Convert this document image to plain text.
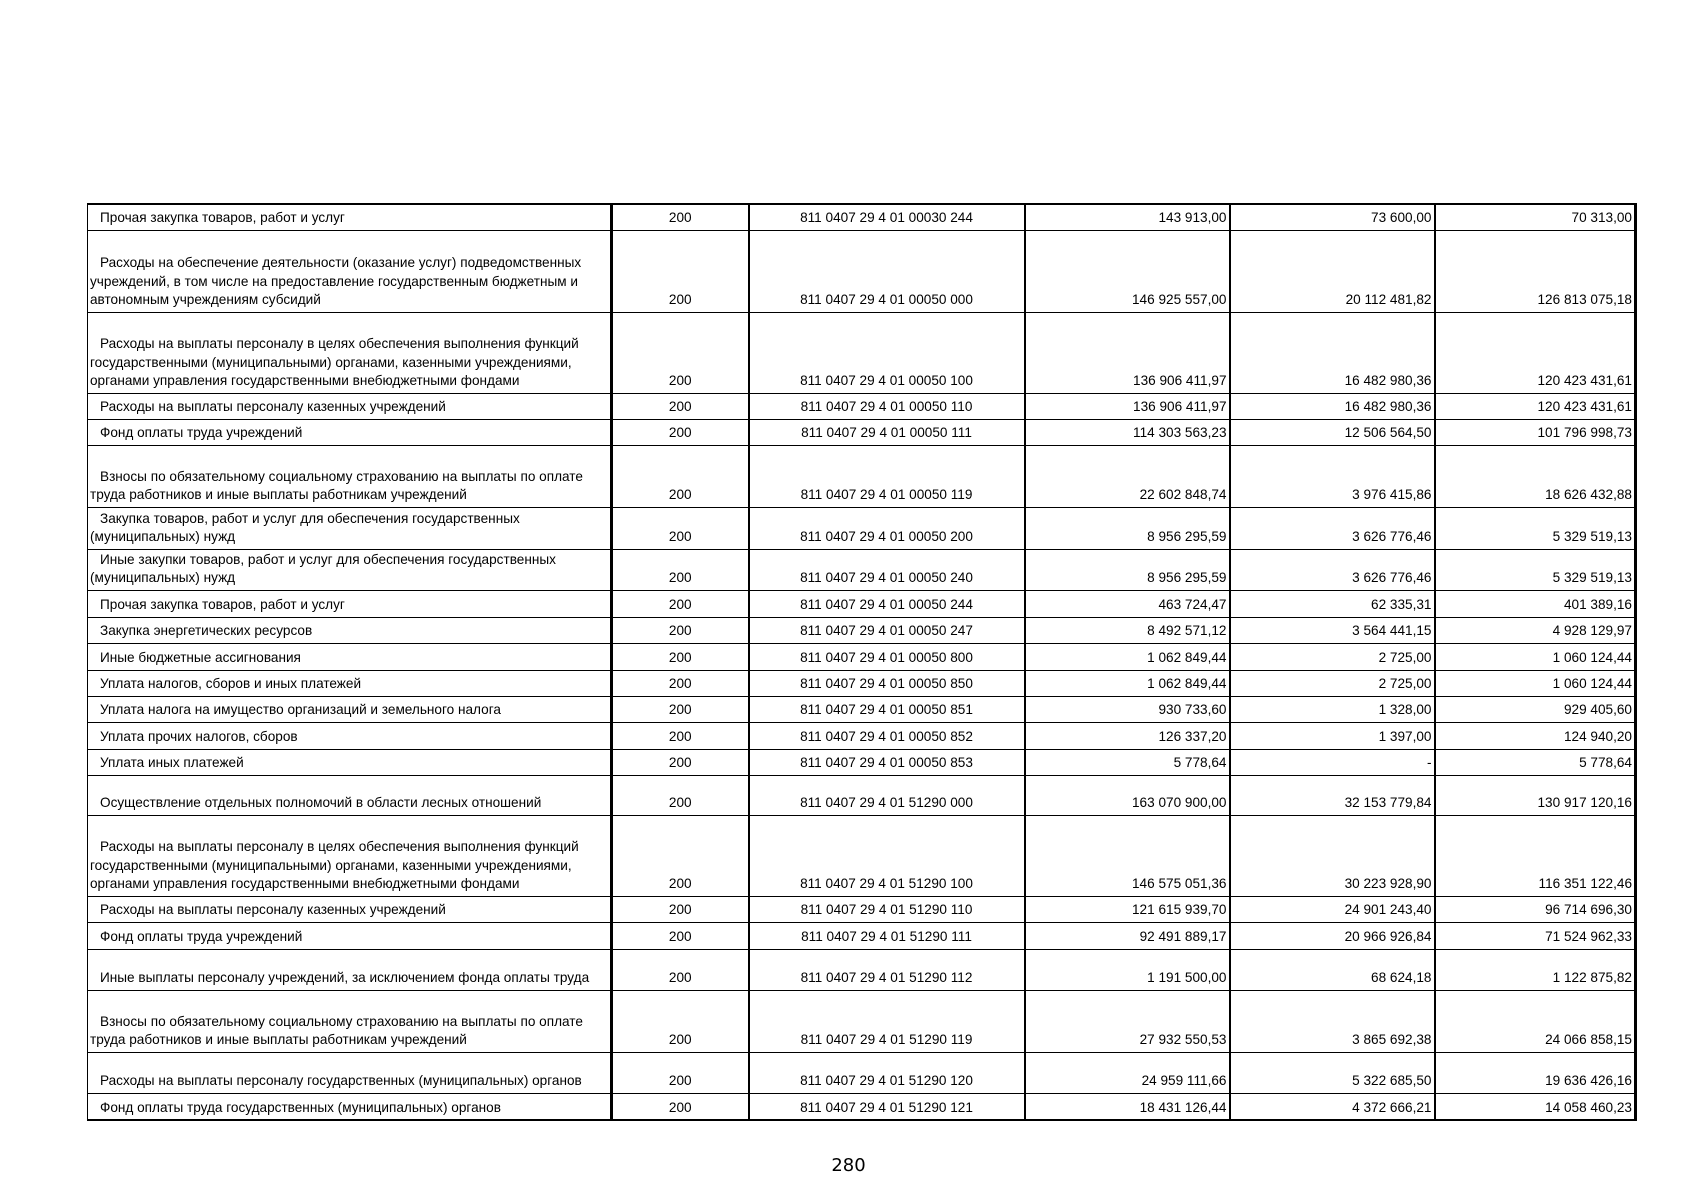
Прочая закупка товаров, работ и услуг	200	811 0407 29 4 01 00030 244	143 913,00	73 600,00	70 313,00
Расходы на обеспечение деятельности (оказание услуг) подведомственных учреждений, в том числе на предоставление государственным бюджетным и автономным учреждениям субсидий	200	811 0407 29 4 01 00050 000	146 925 557,00	20 112 481,82	126 813 075,18
Расходы на выплаты персоналу в целях обеспечения выполнения функций государственными (муниципальными) органами, казенными учреждениями, органами управления государственными внебюджетными фондами	200	811 0407 29 4 01 00050 100	136 906 411,97	16 482 980,36	120 423 431,61
Расходы на выплаты персоналу казенных учреждений	200	811 0407 29 4 01 00050 110	136 906 411,97	16 482 980,36	120 423 431,61
Фонд оплаты труда учреждений	200	811 0407 29 4 01 00050 111	114 303 563,23	12 506 564,50	101 796 998,73
Взносы по обязательному социальному страхованию на выплаты по оплате труда работников и иные выплаты работникам учреждений	200	811 0407 29 4 01 00050 119	22 602 848,74	3 976 415,86	18 626 432,88
Закупка товаров, работ и услуг для обеспечения государственных (муниципальных) нужд	200	811 0407 29 4 01 00050 200	8 956 295,59	3 626 776,46	5 329 519,13
Иные закупки товаров, работ и услуг для обеспечения государственных (муниципальных) нужд	200	811 0407 29 4 01 00050 240	8 956 295,59	3 626 776,46	5 329 519,13
Прочая закупка товаров, работ и услуг	200	811 0407 29 4 01 00050 244	463 724,47	62 335,31	401 389,16
Закупка энергетических ресурсов	200	811 0407 29 4 01 00050 247	8 492 571,12	3 564 441,15	4 928 129,97
Иные бюджетные ассигнования	200	811 0407 29 4 01 00050 800	1 062 849,44	2 725,00	1 060 124,44
Уплата налогов, сборов и иных платежей	200	811 0407 29 4 01 00050 850	1 062 849,44	2 725,00	1 060 124,44
Уплата налога на имущество организаций и земельного налога	200	811 0407 29 4 01 00050 851	930 733,60	1 328,00	929 405,60
Уплата прочих налогов, сборов	200	811 0407 29 4 01 00050 852	126 337,20	1 397,00	124 940,20
Уплата иных платежей	200	811 0407 29 4 01 00050 853	5 778,64	-	5 778,64
Осуществление отдельных полномочий в области лесных отношений	200	811 0407 29 4 01 51290 000	163 070 900,00	32 153 779,84	130 917 120,16
Расходы на выплаты персоналу в целях обеспечения выполнения функций государственными (муниципальными) органами, казенными учреждениями, органами управления государственными внебюджетными фондами	200	811 0407 29 4 01 51290 100	146 575 051,36	30 223 928,90	116 351 122,46
Расходы на выплаты персоналу казенных учреждений	200	811 0407 29 4 01 51290 110	121 615 939,70	24 901 243,40	96 714 696,30
Фонд оплаты труда учреждений	200	811 0407 29 4 01 51290 111	92 491 889,17	20 966 926,84	71 524 962,33
Иные выплаты персоналу учреждений, за исключением фонда оплаты труда	200	811 0407 29 4 01 51290 112	1 191 500,00	68 624,18	1 122 875,82
Взносы по обязательному социальному страхованию на выплаты по оплате труда работников и иные выплаты работникам учреждений	200	811 0407 29 4 01 51290 119	27 932 550,53	3 865 692,38	24 066 858,15
Расходы на выплаты персоналу государственных (муниципальных) органов	200	811 0407 29 4 01 51290 120	24 959 111,66	5 322 685,50	19 636 426,16
Фонд оплаты труда государственных (муниципальных) органов	200	811 0407 29 4 01 51290 121	18 431 126,44	4 372 666,21	14 058 460,23
280
